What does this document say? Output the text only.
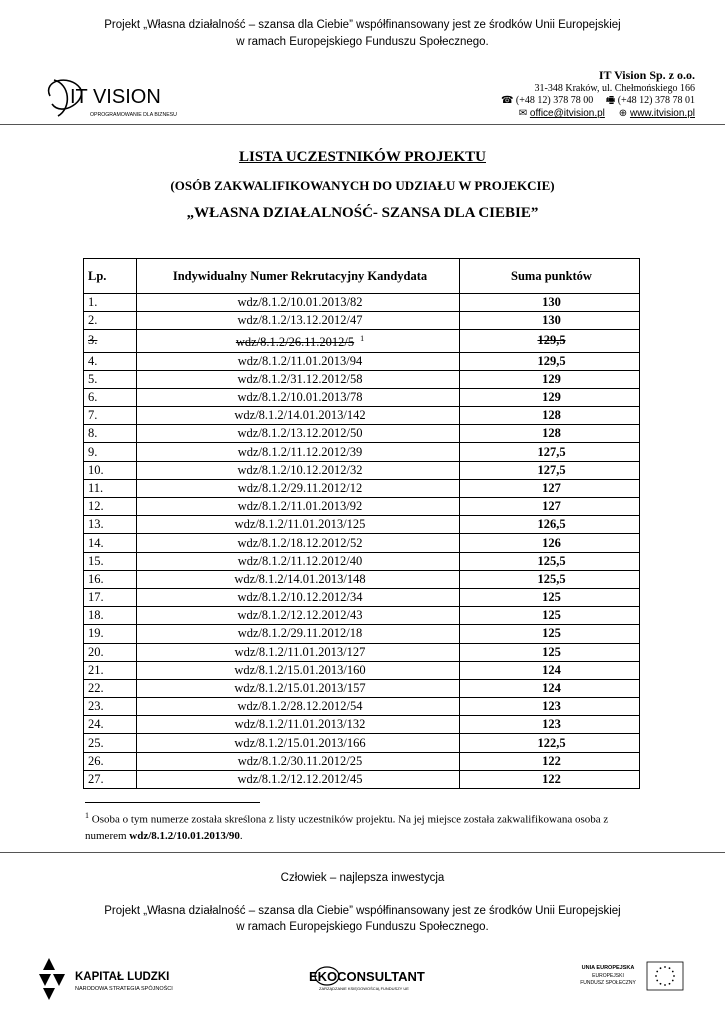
Projekt „Własna działalność – szansa dla Ciebie” współfinansowany jest ze środków Unii Europejskiej
w ramach Europejskiego Funduszu Społecznego.
IT VISION
OPROGRAMOWANIE DLA BIZNESU
IT Vision Sp. z o.o.
31-348 Kraków, ul. Chełmońskiego 166
☎ (+48 12) 378 78 00 🖷 (+48 12) 378 78 01
✉ office@itvision.pl ⊕ www.itvision.pl
LISTA UCZESTNIKÓW PROJEKTU
(OSÓB ZAKWALIFIKOWANYCH DO UDZIAŁU W PROJEKCIE)
„WŁASNA DZIAŁALNOŚĆ- SZANSA DLA CIEBIE”
Lp.	Indywidualny Numer Rekrutacyjny Kandydata	Suma punktów
1.	wdz/8.1.2/10.01.2013/82	130
2.	wdz/8.1.2/13.12.2012/47	130
3.	wdz/8.1.2/26.11.2012/5 $^1$	129,5
4.	wdz/8.1.2/11.01.2013/94	129,5
5.	wdz/8.1.2/31.12.2012/58	129
6.	wdz/8.1.2/10.01.2013/78	129
7.	wdz/8.1.2/14.01.2013/142	128
8.	wdz/8.1.2/13.12.2012/50	128
9.	wdz/8.1.2/11.12.2012/39	127,5
10.	wdz/8.1.2/10.12.2012/32	127,5
11.	wdz/8.1.2/29.11.2012/12	127
12.	wdz/8.1.2/11.01.2013/92	127
13.	wdz/8.1.2/11.01.2013/125	126,5
14.	wdz/8.1.2/18.12.2012/52	126
15.	wdz/8.1.2/11.12.2012/40	125,5
16.	wdz/8.1.2/14.01.2013/148	125,5
17.	wdz/8.1.2/10.12.2012/34	125
18.	wdz/8.1.2/12.12.2012/43	125
19.	wdz/8.1.2/29.11.2012/18	125
20.	wdz/8.1.2/11.01.2013/127	125
21.	wdz/8.1.2/15.01.2013/160	124
22.	wdz/8.1.2/15.01.2013/157	124
23.	wdz/8.1.2/28.12.2012/54	123
24.	wdz/8.1.2/11.01.2013/132	123
25.	wdz/8.1.2/15.01.2013/166	122,5
26.	wdz/8.1.2/30.11.2012/25	122
27.	wdz/8.1.2/12.12.2012/45	122
$^1$ Osoba o tym numerze została skreślona z listy uczestników projektu. Na jej miejsce została zakwalifikowana osoba z numerem wdz/8.1.2/10.01.2013/90.
Człowiek – najlepsza inwestycja
Projekt „Własna działalność – szansa dla Ciebie” współfinansowany jest ze środków Unii Europejskiej
w ramach Europejskiego Funduszu Społecznego.
KAPITAŁ LUDZKI
NARODOWA STRATEGIA SPÓJNOŚCI
EKOCONSULTANT
ZARZĄDZANIE KSIĘGOWOŚCIĄ FUNDUSZY UE
UNIA EUROPEJSKA
EUROPEJSKI
FUNDUSZ SPOŁECZNY
